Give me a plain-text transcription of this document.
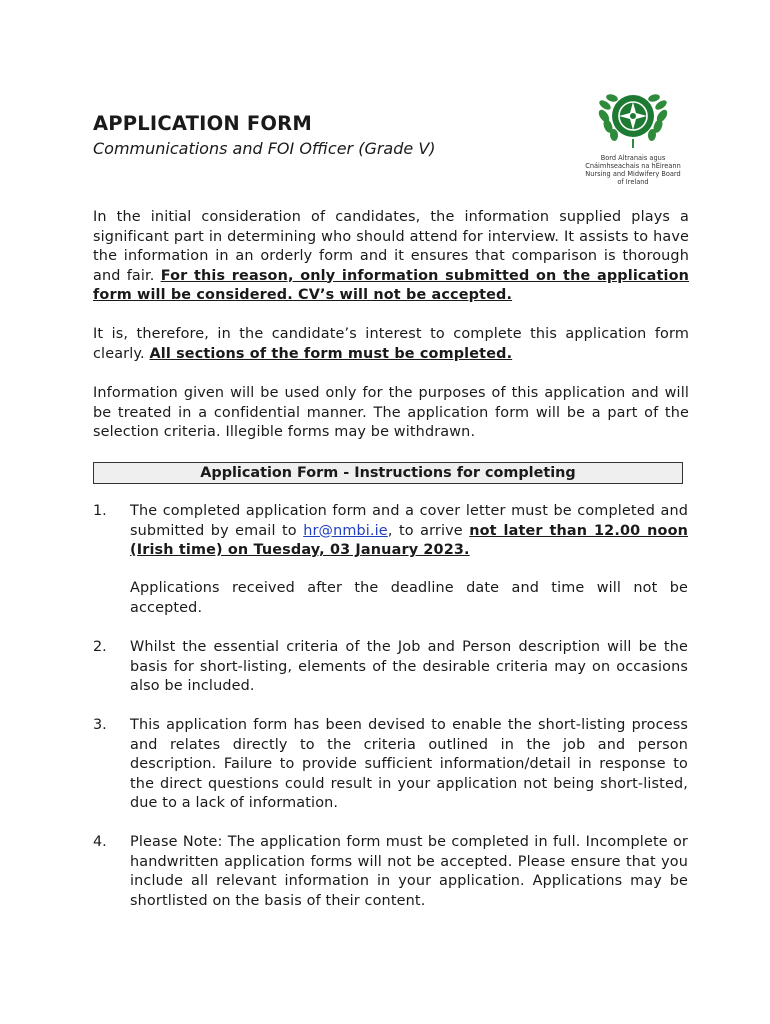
APPLICATION FORM
Communications and FOI Officer (Grade V)	Bord Altranais agus
Cnáimhseachais na hÉireann
Nursing and Midwifery Board
of Ireland
In the initial consideration of candidates, the information supplied plays a significant part in determining who should attend for interview. It assists to have the information in an orderly form and it ensures that comparison is thorough and fair. For this reason, only information submitted on the application form will be considered. CV’s will not be accepted.
It is, therefore, in the candidate’s interest to complete this application form clearly. All sections of the form must be completed.
Information given will be used only for the purposes of this application and will be treated in a confidential manner. The application form will be a part of the selection criteria. Illegible forms may be withdrawn.
Application Form - Instructions for completing
1. The completed application form and a cover letter must be completed and submitted by email to hr@nmbi.ie, to arrive not later than 12.00 noon (Irish time) on Tuesday, 03 January 2023.
Applications received after the deadline date and time will not be accepted.
2. Whilst the essential criteria of the Job and Person description will be the basis for short-listing, elements of the desirable criteria may on occasions also be included.
3. This application form has been devised to enable the short-listing process and relates directly to the criteria outlined in the job and person description. Failure to provide sufficient information/detail in response to the direct questions could result in your application not being short-listed, due to a lack of information.
4. Please Note: The application form must be completed in full. Incomplete or handwritten application forms will not be accepted. Please ensure that you include all relevant information in your application. Applications may be shortlisted on the basis of their content.
